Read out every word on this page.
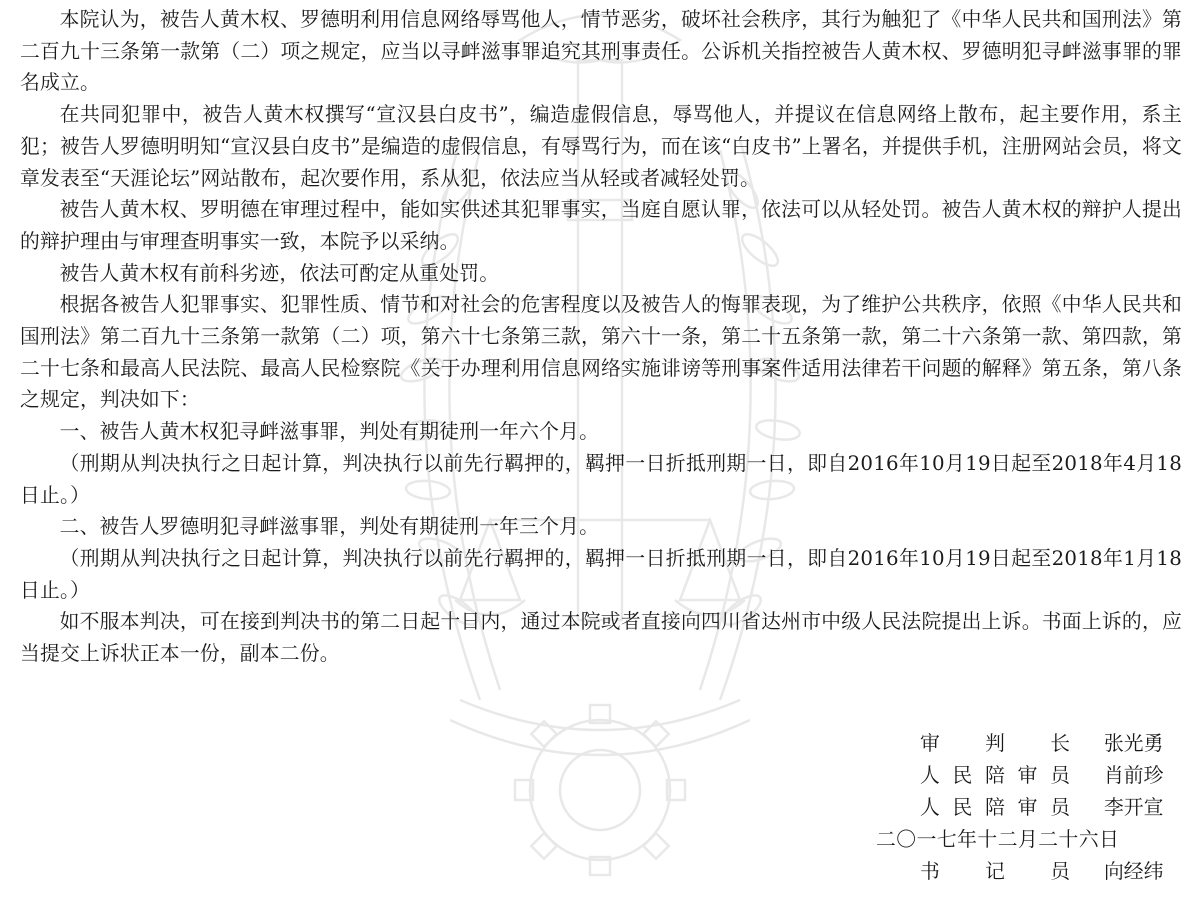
本院认为，被告人黄木权、罗德明利用信息网络辱骂他人，情节恶劣，破坏社会秩序，其行为触犯了《中华人民共和国刑法》第二百九十三条第一款第（二）项之规定，应当以寻衅滋事罪追究其刑事责任。公诉机关指控被告人黄木权、罗德明犯寻衅滋事罪的罪名成立。

在共同犯罪中，被告人黄木权撰写“宣汉县白皮书”，编造虚假信息，辱骂他人，并提议在信息网络上散布，起主要作用，系主犯；被告人罗德明明知“宣汉县白皮书”是编造的虚假信息，有辱骂行为，而在该“白皮书”上署名，并提供手机，注册网站会员，将文章发表至“天涯论坛”网站散布，起次要作用，系从犯，依法应当从轻或者减轻处罚。

被告人黄木权、罗明德在审理过程中，能如实供述其犯罪事实，当庭自愿认罪，依法可以从轻处罚。被告人黄木权的辩护人提出的辩护理由与审理查明事实一致，本院予以采纳。

被告人黄木权有前科劣迹，依法可酌定从重处罚。

根据各被告人犯罪事实、犯罪性质、情节和对社会的危害程度以及被告人的悔罪表现，为了维护公共秩序，依照《中华人民共和国刑法》第二百九十三条第一款第（二）项，第六十七条第三款，第六十一条，第二十五条第一款，第二十六条第一款、第四款，第二十七条和最高人民法院、最高人民检察院《关于办理利用信息网络实施诽谤等刑事案件适用法律若干问题的解释》第五条，第八条之规定，判决如下：

一、被告人黄木权犯寻衅滋事罪，判处有期徒刑一年六个月。

（刑期从判决执行之日起计算，判决执行以前先行羁押的，羁押一日折抵刑期一日，即自2016年10月19日起至2018年4月18日止。）

二、被告人罗德明犯寻衅滋事罪，判处有期徒刑一年三个月。

（刑期从判决执行之日起计算，判决执行以前先行羁押的，羁押一日折抵刑期一日，即自2016年10月19日起至2018年1月18日止。）

如不服本判决，可在接到判决书的第二日起十日内，通过本院或者直接向四川省达州市中级人民法院提出上诉。书面上诉的，应当提交上诉状正本一份，副本二份。

审 判 长 张光勇
人民陪审员 肖前珍
人民陪审员 李开宣
二〇一七年十二月二十六日
书 记 员 向经纬
